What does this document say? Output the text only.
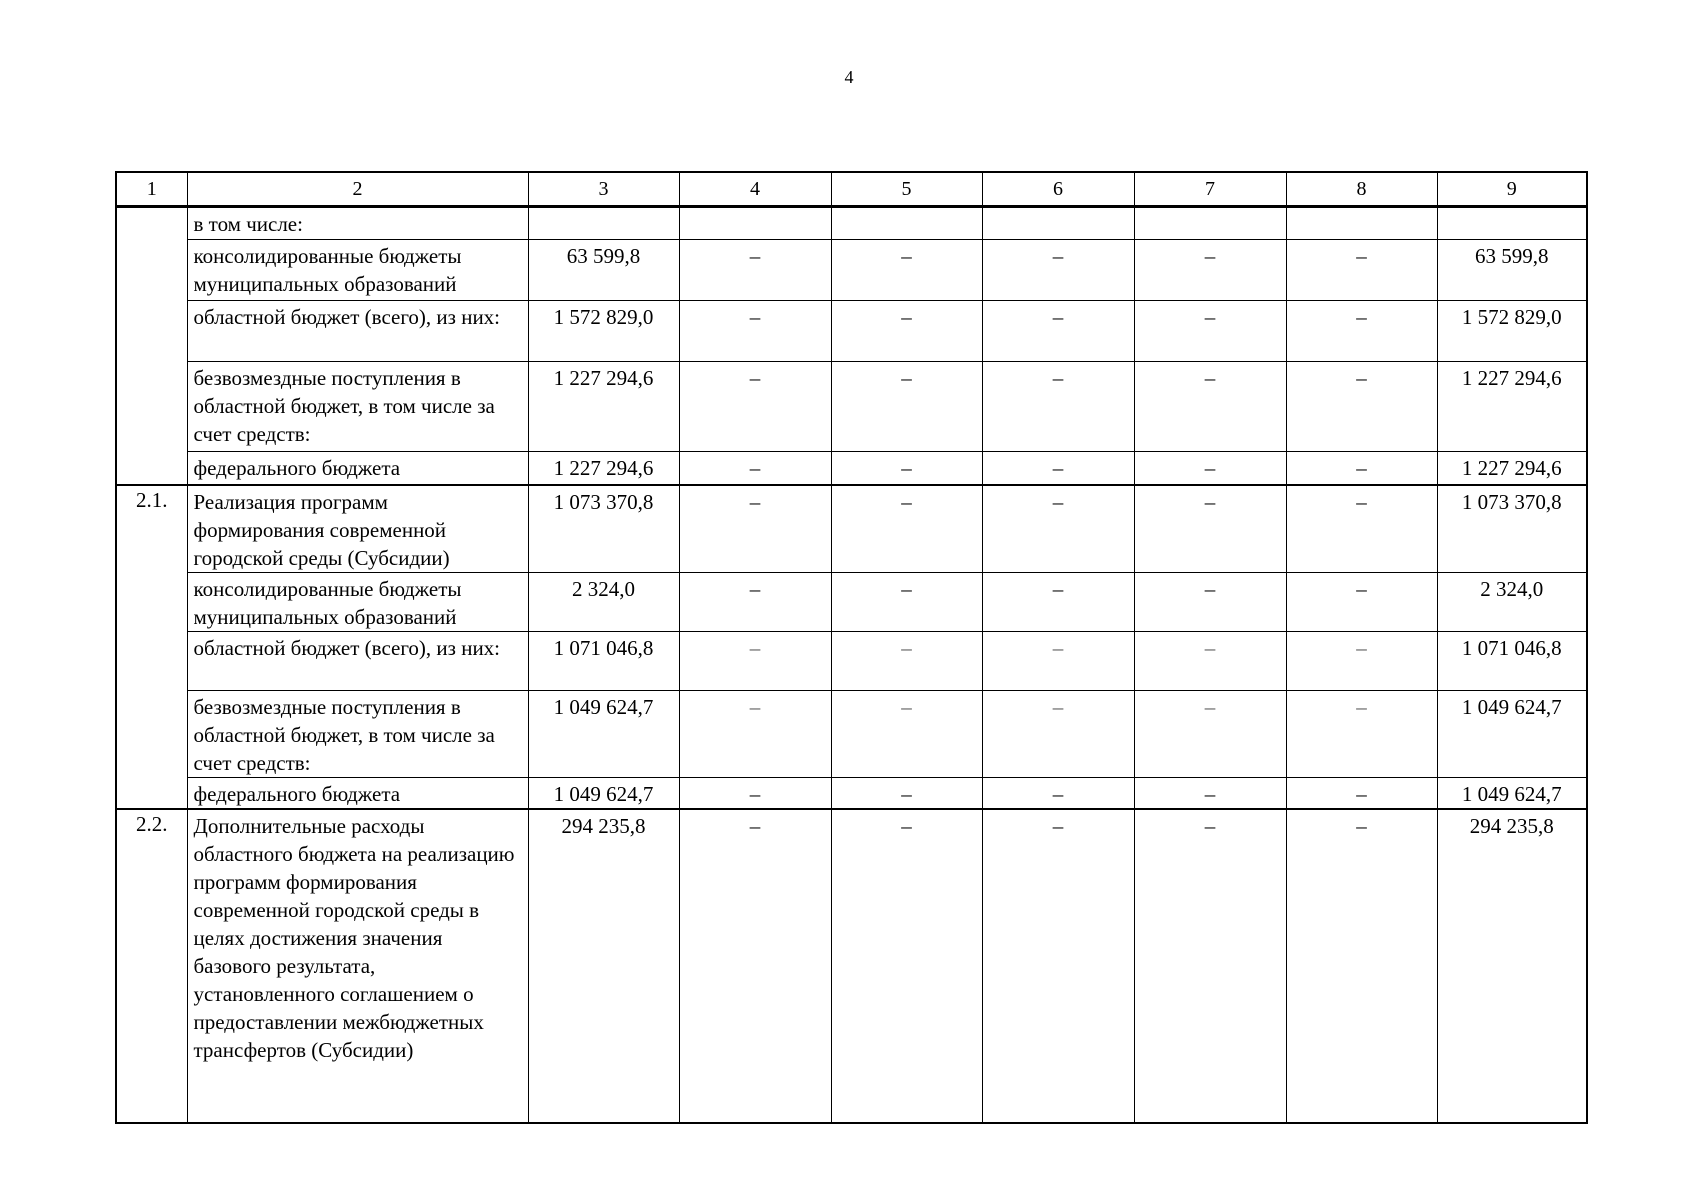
4
1	2	3	4	5	6	7	8	9
	в том числе:							
	консолидированные бюджеты муниципальных образований	63 599,8	–	–	–	–	–	63 599,8
	областной бюджет (всего), из них:	1 572 829,0	–	–	–	–	–	1 572 829,0
	безвозмездные поступления в областной бюджет, в том числе за счет средств:	1 227 294,6	–	–	–	–	–	1 227 294,6
	федерального бюджета	1 227 294,6	–	–	–	–	–	1 227 294,6
2.1.	Реализация программ формирования современной городской среды (Субсидии)	1 073 370,8	–	–	–	–	–	1 073 370,8
	консолидированные бюджеты муниципальных образований	2 324,0	–	–	–	–	–	2 324,0
	областной бюджет (всего), из них:	1 071 046,8	–	–	–	–	–	1 071 046,8
	безвозмездные поступления в областной бюджет, в том числе за счет средств:	1 049 624,7	–	–	–	–	–	1 049 624,7
	федерального бюджета	1 049 624,7	–	–	–	–	–	1 049 624,7
2.2.	Дополнительные расходы областного бюджета на реализацию программ формирования современной городской среды в целях достижения значения базового результата, установленного соглашением о предоставлении межбюджетных трансфертов (Субсидии)	294 235,8	–	–	–	–	–	294 235,8
